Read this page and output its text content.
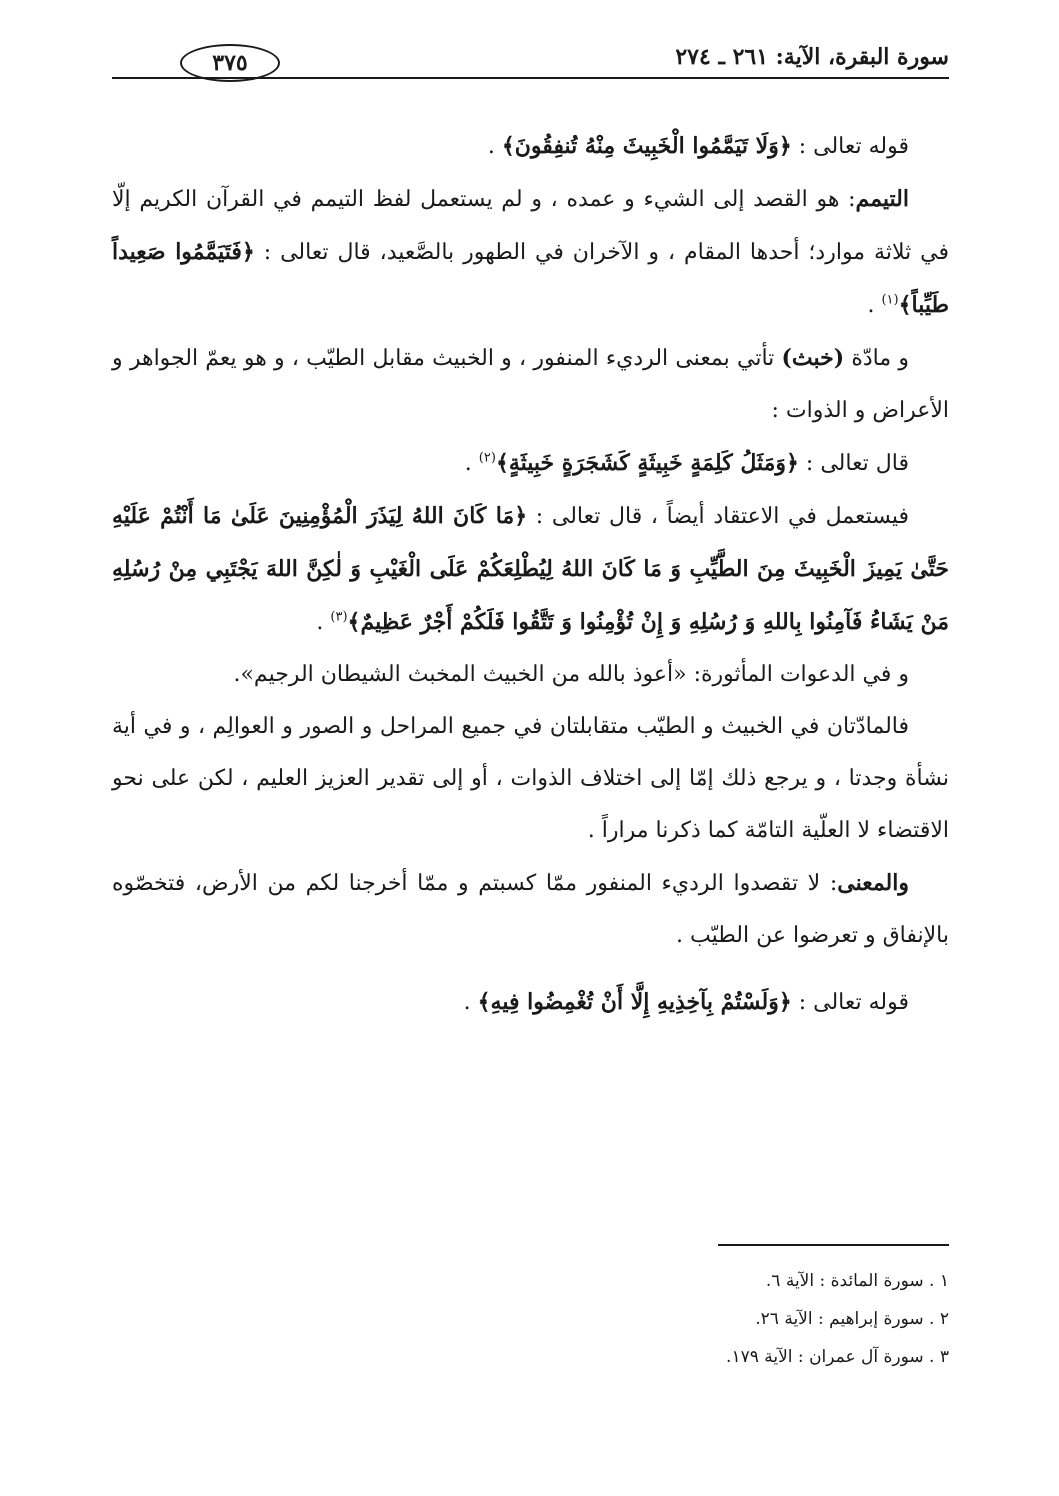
سورة البقرة، الآية: ٢٦١ ـ ٢٧٤
٣٧٥

قوله تعالى : ﴿وَلَا تَيَمَّمُوا الْخَبِيثَ مِنْهُ تُنفِقُونَ﴾ .

التيمم: هو القصد إلى الشيء و عمده ، و لم يستعمل لفظ التيمم في القرآن الكريم إلّا في ثلاثة موارد؛ أحدها المقام ، و الآخران في الطهور بالصَّعيد، قال تعالى : ﴿فَتَيَمَّمُوا صَعِيداً طَيِّباً﴾$^{(١)}$ .

و مادّة (خبث) تأتي بمعنى الرديء المنفور ، و الخبيث مقابل الطيّب ، و هو يعمّ الجواهر و الأعراض و الذوات :

قال تعالى : ﴿وَمَثَلُ كَلِمَةٍ خَبِيثَةٍ كَشَجَرَةٍ خَبِيثَةٍ﴾$^{(٢)}$ .

فيستعمل في الاعتقاد أيضاً ، قال تعالى : ﴿مَا كَانَ اللهُ لِيَذَرَ الْمُؤْمِنِينَ عَلَىٰ مَا أَنْتُمْ عَلَيْهِ حَتَّىٰ يَمِيزَ الْخَبِيثَ مِنَ الطَّيِّبِ وَ مَا كَانَ اللهُ لِيُطْلِعَكُمْ عَلَى الْغَيْبِ وَ لٰكِنَّ اللهَ يَجْتَبِي مِنْ رُسُلِهِ مَنْ يَشَاءُ فَآمِنُوا بِاللهِ وَ رُسُلِهِ وَ إِنْ تُؤْمِنُوا وَ تَتَّقُوا فَلَكُمْ أَجْرٌ عَظِيمٌ﴾$^{(٣)}$ .

و في الدعوات المأثورة: «أعوذ بالله من الخبيث المخبث الشيطان الرجيم».

فالمادّتان في الخبيث و الطيّب متقابلتان في جميع المراحل و الصور و العوالِم ، و في أية نشأة وجدتا ، و يرجع ذلك إمّا إلى اختلاف الذوات ، أو إلى تقدير العزيز العليم ، لكن على نحو الاقتضاء لا العلّية التامّة كما ذكرنا مراراً .

والمعنى: لا تقصدوا الرديء المنفور ممّا كسبتم و ممّا أخرجنا لكم من الأرض، فتخصّوه بالإنفاق و تعرضوا عن الطيّب .

قوله تعالى : ﴿وَلَسْتُمْ بِآخِذِيهِ إِلَّا أَنْ تُغْمِضُوا فِيهِ﴾ .

١ . سورة المائدة : الآية ٦.

٢ . سورة إبراهيم : الآية ٢٦.

٣ . سورة آل عمران : الآية ١٧٩.
